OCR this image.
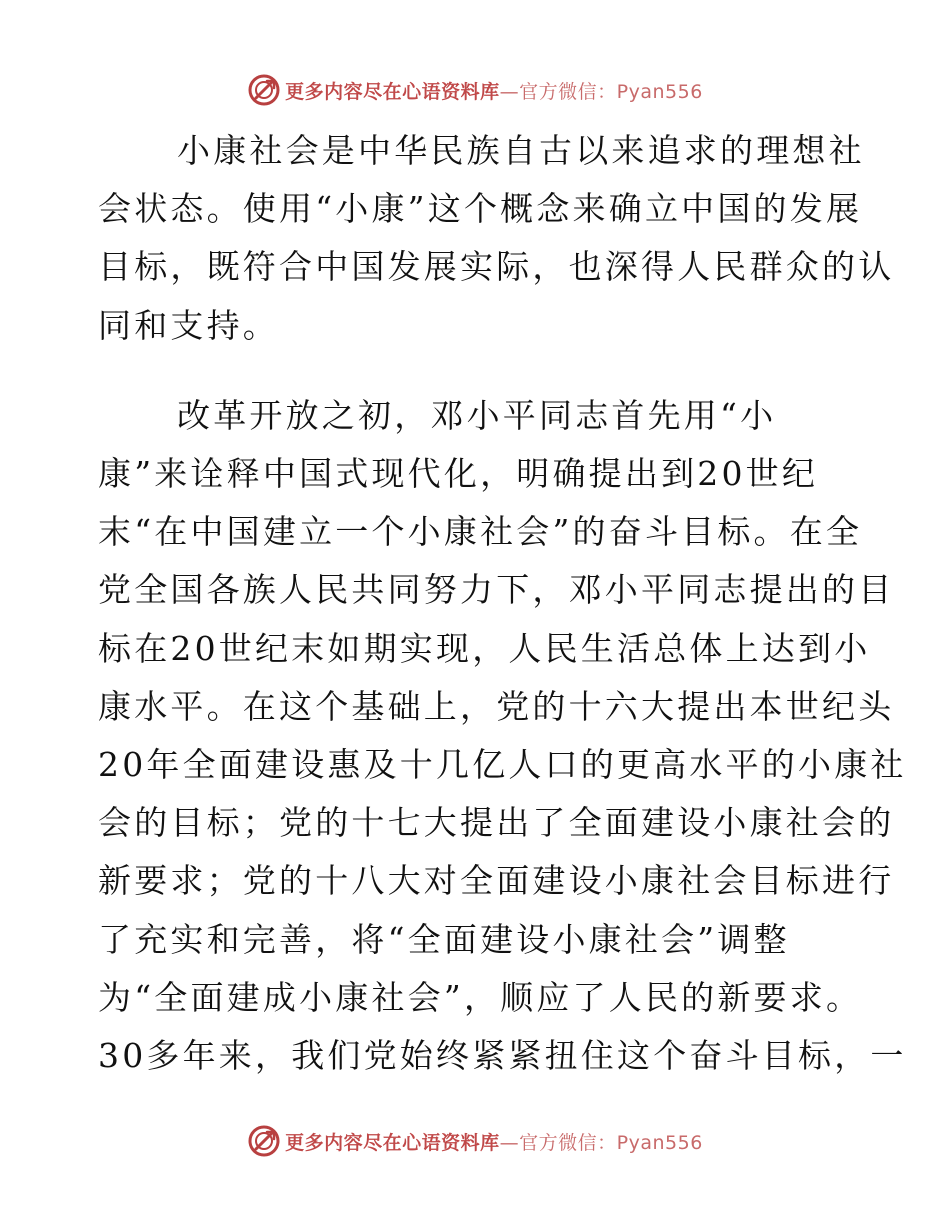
更多内容尽在心语资料库—官方微信：Pyan556

小康社会是中华民族自古以来追求的理想社
会状态。使用“小康”这个概念来确立中国的发展
目标，既符合中国发展实际，也深得人民群众的认
同和支持。

改革开放之初，邓小平同志首先用“小
康”来诠释中国式现代化，明确提出到20世纪
末“在中国建立一个小康社会”的奋斗目标。在全
党全国各族人民共同努力下，邓小平同志提出的目
标在20世纪末如期实现，人民生活总体上达到小
康水平。在这个基础上，党的十六大提出本世纪头
20年全面建设惠及十几亿人口的更高水平的小康社
会的目标；党的十七大提出了全面建设小康社会的
新要求；党的十八大对全面建设小康社会目标进行
了充实和完善，将“全面建设小康社会”调整
为“全面建成小康社会”，顺应了人民的新要求。
30多年来，我们党始终紧紧扭住这个奋斗目标，一

更多内容尽在心语资料库—官方微信：Pyan556
